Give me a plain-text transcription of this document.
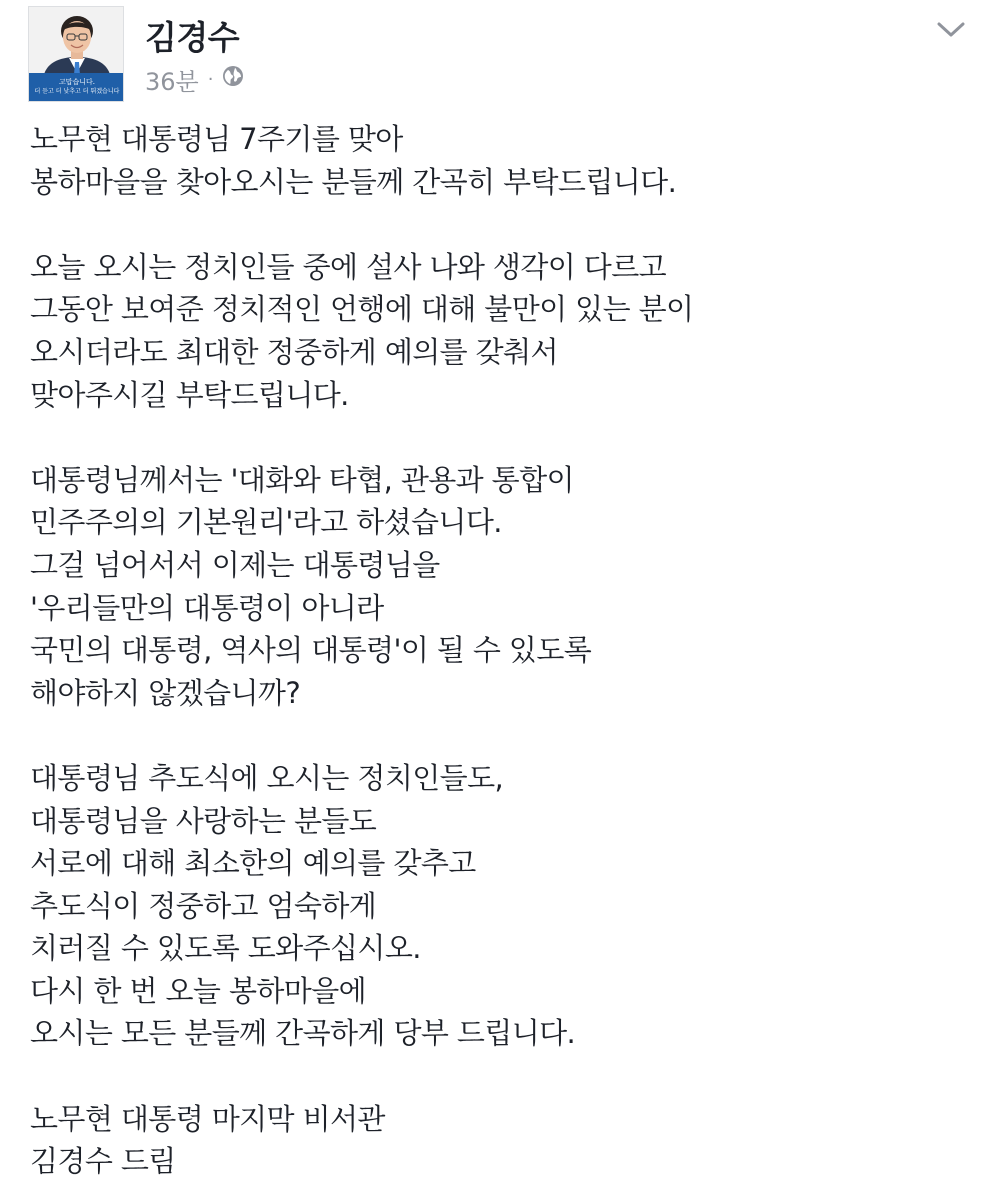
고맙습니다.
더 듣고 더 낮추고 더 뛰겠습니다
김경수
36분 ·
노무현 대통령님 7주기를 맞아
봉하마을을 찾아오시는 분들께 간곡히 부탁드립니다.
오늘 오시는 정치인들 중에 설사 나와 생각이 다르고
그동안 보여준 정치적인 언행에 대해 불만이 있는 분이
오시더라도 최대한 정중하게 예의를 갖춰서
맞아주시길 부탁드립니다.
대통령님께서는 '대화와 타협, 관용과 통합이
민주주의의 기본원리'라고 하셨습니다.
그걸 넘어서서 이제는 대통령님을
'우리들만의 대통령이 아니라
국민의 대통령, 역사의 대통령'이 될 수 있도록
해야하지 않겠습니까?
대통령님 추도식에 오시는 정치인들도,
대통령님을 사랑하는 분들도
서로에 대해 최소한의 예의를 갖추고
추도식이 정중하고 엄숙하게
치러질 수 있도록 도와주십시오.
다시 한 번 오늘 봉하마을에
오시는 모든 분들께 간곡하게 당부 드립니다.
노무현 대통령 마지막 비서관
김경수 드림
